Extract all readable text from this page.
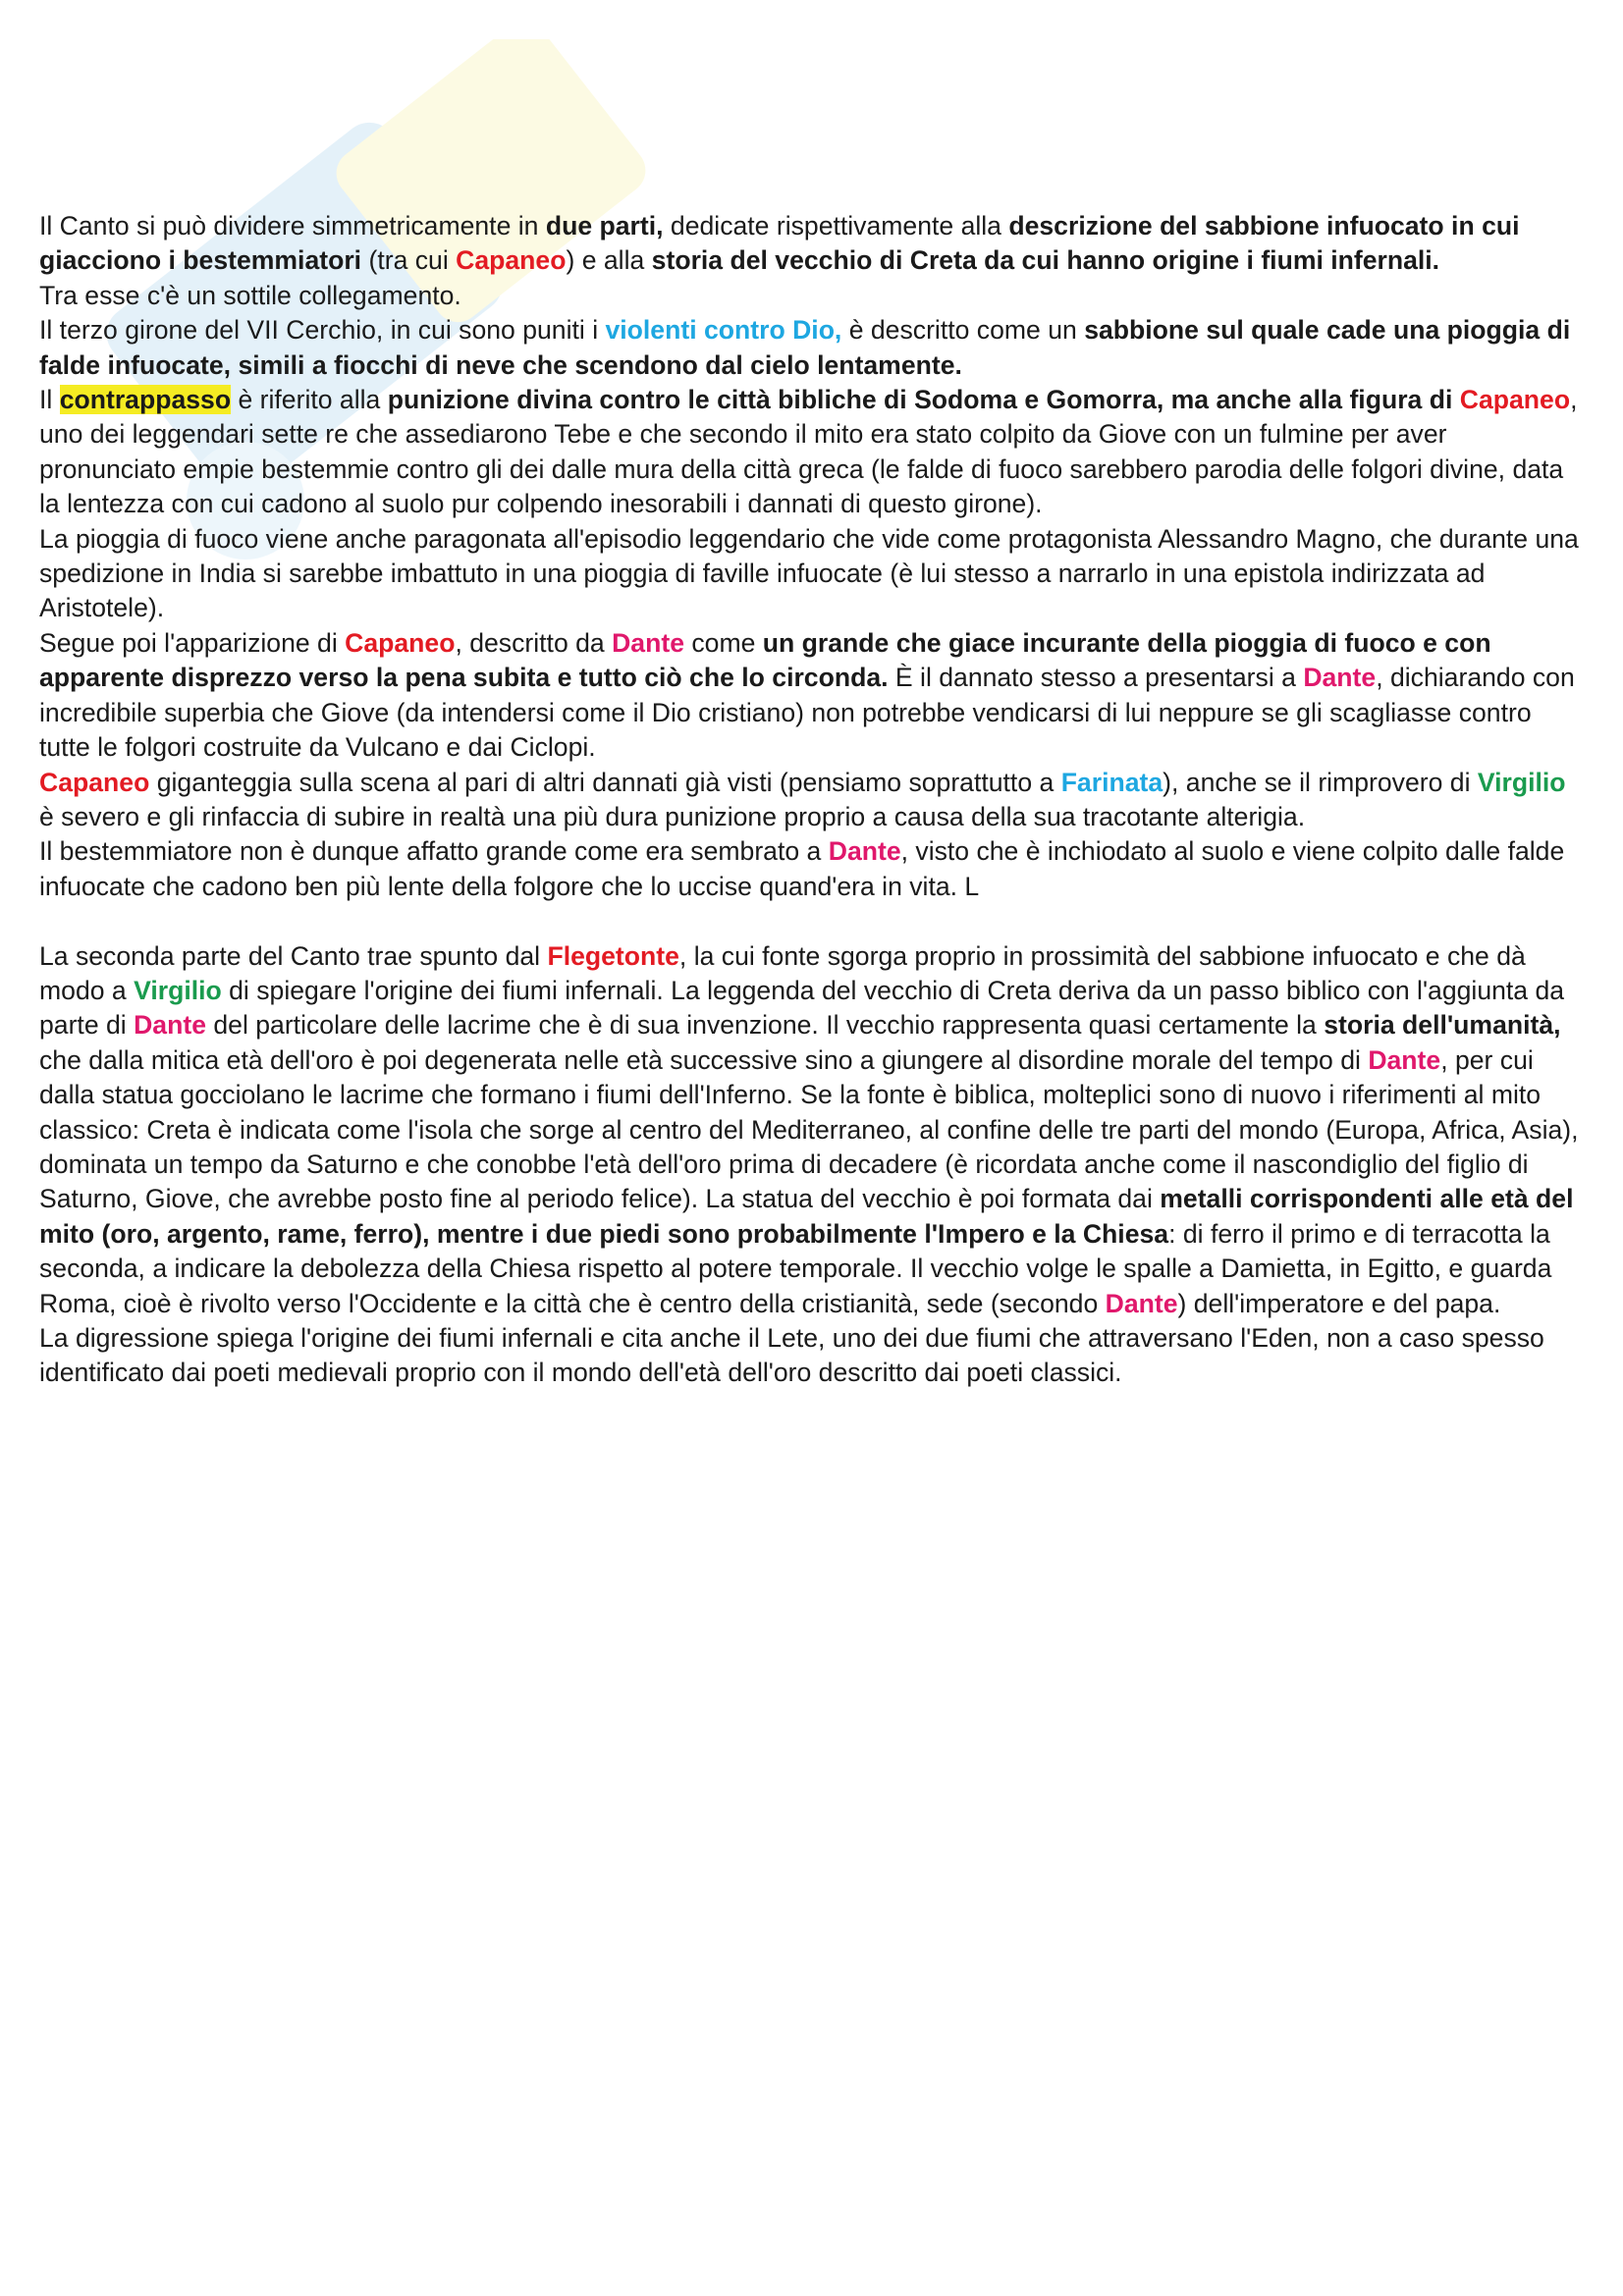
Il Canto si può dividere simmetricamente in due parti, dedicate rispettivamente alla descrizione del sabbione infuocato in cui giacciono i bestemmiatori (tra cui Capaneo) e alla storia del vecchio di Creta da cui hanno origine i fiumi infernali.

Tra esse c'è un sottile collegamento.

Il terzo girone del VII Cerchio, in cui sono puniti i violenti contro Dio, è descritto come un sabbione sul quale cade una pioggia di falde infuocate, simili a fiocchi di neve che scendono dal cielo lentamente.

Il contrappasso è riferito alla punizione divina contro le città bibliche di Sodoma e Gomorra, ma anche alla figura di Capaneo, uno dei leggendari sette re che assediarono Tebe e che secondo il mito era stato colpito da Giove con un fulmine per aver pronunciato empie bestemmie contro gli dei dalle mura della città greca (le falde di fuoco sarebbero parodia delle folgori divine, data la lentezza con cui cadono al suolo pur colpendo inesorabili i dannati di questo girone).

La pioggia di fuoco viene anche paragonata all'episodio leggendario che vide come protagonista Alessandro Magno, che durante una spedizione in India si sarebbe imbattuto in una pioggia di faville infuocate (è lui stesso a narrarlo in una epistola indirizzata ad Aristotele).

Segue poi l'apparizione di Capaneo, descritto da Dante come un grande che giace incurante della pioggia di fuoco e con apparente disprezzo verso la pena subita e tutto ciò che lo circonda. È il dannato stesso a presentarsi a Dante, dichiarando con incredibile superbia che Giove (da intendersi come il Dio cristiano) non potrebbe vendicarsi di lui neppure se gli scagliasse contro tutte le folgori costruite da Vulcano e dai Ciclopi.

Capaneo giganteggia sulla scena al pari di altri dannati già visti (pensiamo soprattutto a Farinata), anche se il rimprovero di Virgilio è severo e gli rinfaccia di subire in realtà una più dura punizione proprio a causa della sua tracotante alterigia.

Il bestemmiatore non è dunque affatto grande come era sembrato a Dante, visto che è inchiodato al suolo e viene colpito dalle falde infuocate che cadono ben più lente della folgore che lo uccise quand'era in vita. L

La seconda parte del Canto trae spunto dal Flegetonte, la cui fonte sgorga proprio in prossimità del sabbione infuocato e che dà modo a Virgilio di spiegare l'origine dei fiumi infernali. La leggenda del vecchio di Creta deriva da un passo biblico con l'aggiunta da parte di Dante del particolare delle lacrime che è di sua invenzione. Il vecchio rappresenta quasi certamente la storia dell'umanità, che dalla mitica età dell'oro è poi degenerata nelle età successive sino a giungere al disordine morale del tempo di Dante, per cui dalla statua gocciolano le lacrime che formano i fiumi dell'Inferno. Se la fonte è biblica, molteplici sono di nuovo i riferimenti al mito classico: Creta è indicata come l'isola che sorge al centro del Mediterraneo, al confine delle tre parti del mondo (Europa, Africa, Asia), dominata un tempo da Saturno e che conobbe l'età dell'oro prima di decadere (è ricordata anche come il nascondiglio del figlio di Saturno, Giove, che avrebbe posto fine al periodo felice). La statua del vecchio è poi formata dai metalli corrispondenti alle età del mito (oro, argento, rame, ferro), mentre i due piedi sono probabilmente l'Impero e la Chiesa: di ferro il primo e di terracotta la seconda, a indicare la debolezza della Chiesa rispetto al potere temporale. Il vecchio volge le spalle a Damietta, in Egitto, e guarda Roma, cioè è rivolto verso l'Occidente e la città che è centro della cristianità, sede (secondo Dante) dell'imperatore e del papa.

La digressione spiega l'origine dei fiumi infernali e cita anche il Lete, uno dei due fiumi che attraversano l'Eden, non a caso spesso identificato dai poeti medievali proprio con il mondo dell'età dell'oro descritto dai poeti classici.
